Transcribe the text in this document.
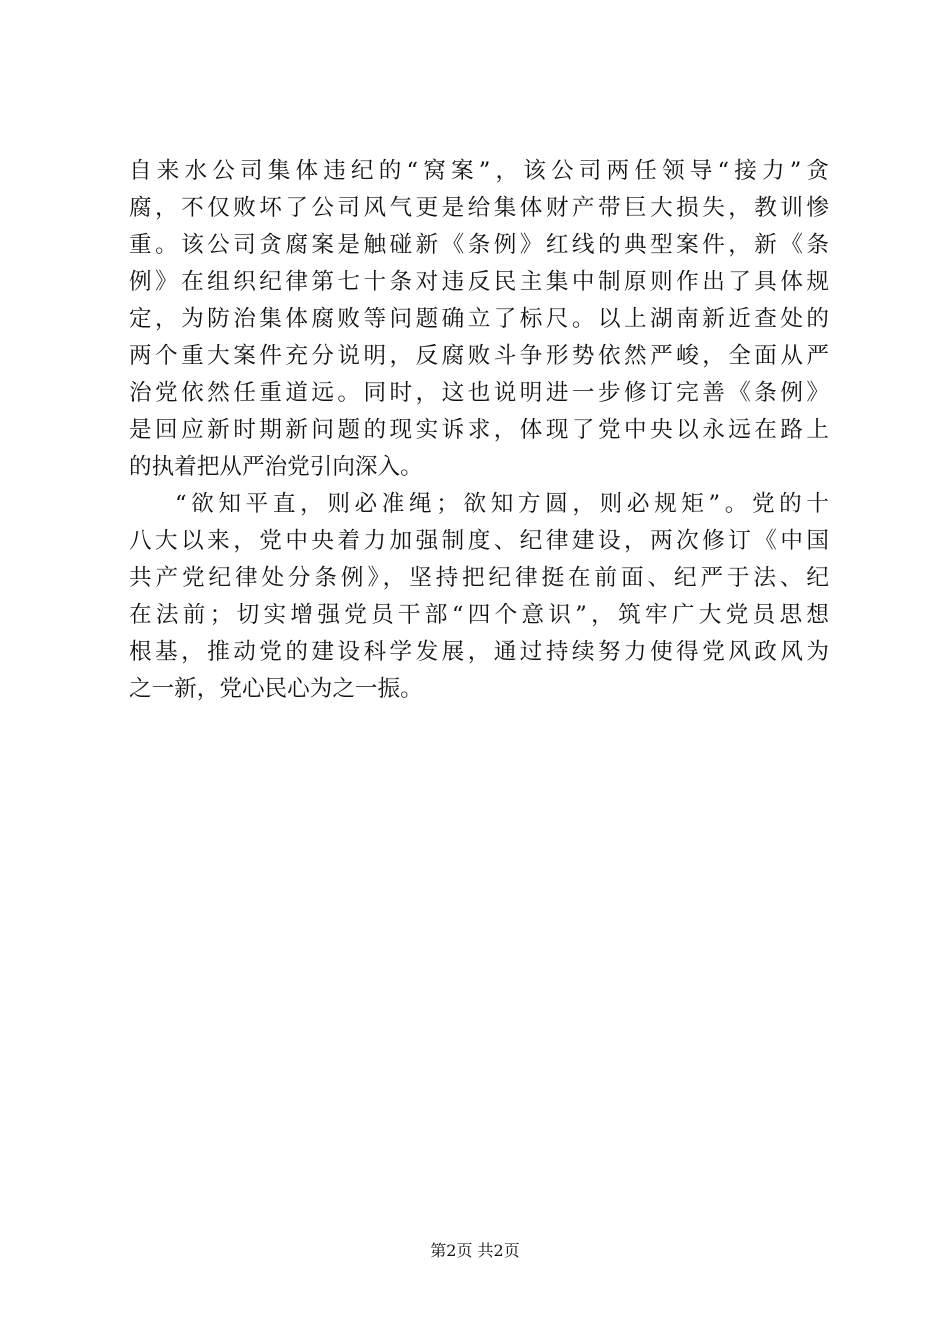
自来水公司集体违纪的“窝案”，该公司两任领导“接力”贪
腐，不仅败坏了公司风气更是给集体财产带巨大损失，教训惨
重。该公司贪腐案是触碰新《条例》红线的典型案件，新《条
例》在组织纪律第七十条对违反民主集中制原则作出了具体规
定，为防治集体腐败等问题确立了标尺。以上湖南新近查处的
两个重大案件充分说明，反腐败斗争形势依然严峻，全面从严
治党依然任重道远。同时，这也说明进一步修订完善《条例》
是回应新时期新问题的现实诉求，体现了党中央以永远在路上
的执着把从严治党引向深入。
“欲知平直，则必准绳；欲知方圆，则必规矩”。党的十
八大以来，党中央着力加强制度、纪律建设，两次修订《中国
共产党纪律处分条例》，坚持把纪律挺在前面、纪严于法、纪
在法前；切实增强党员干部“四个意识”，筑牢广大党员思想
根基，推动党的建设科学发展，通过持续努力使得党风政风为
之一新，党心民心为之一振。
第2页 共2页
